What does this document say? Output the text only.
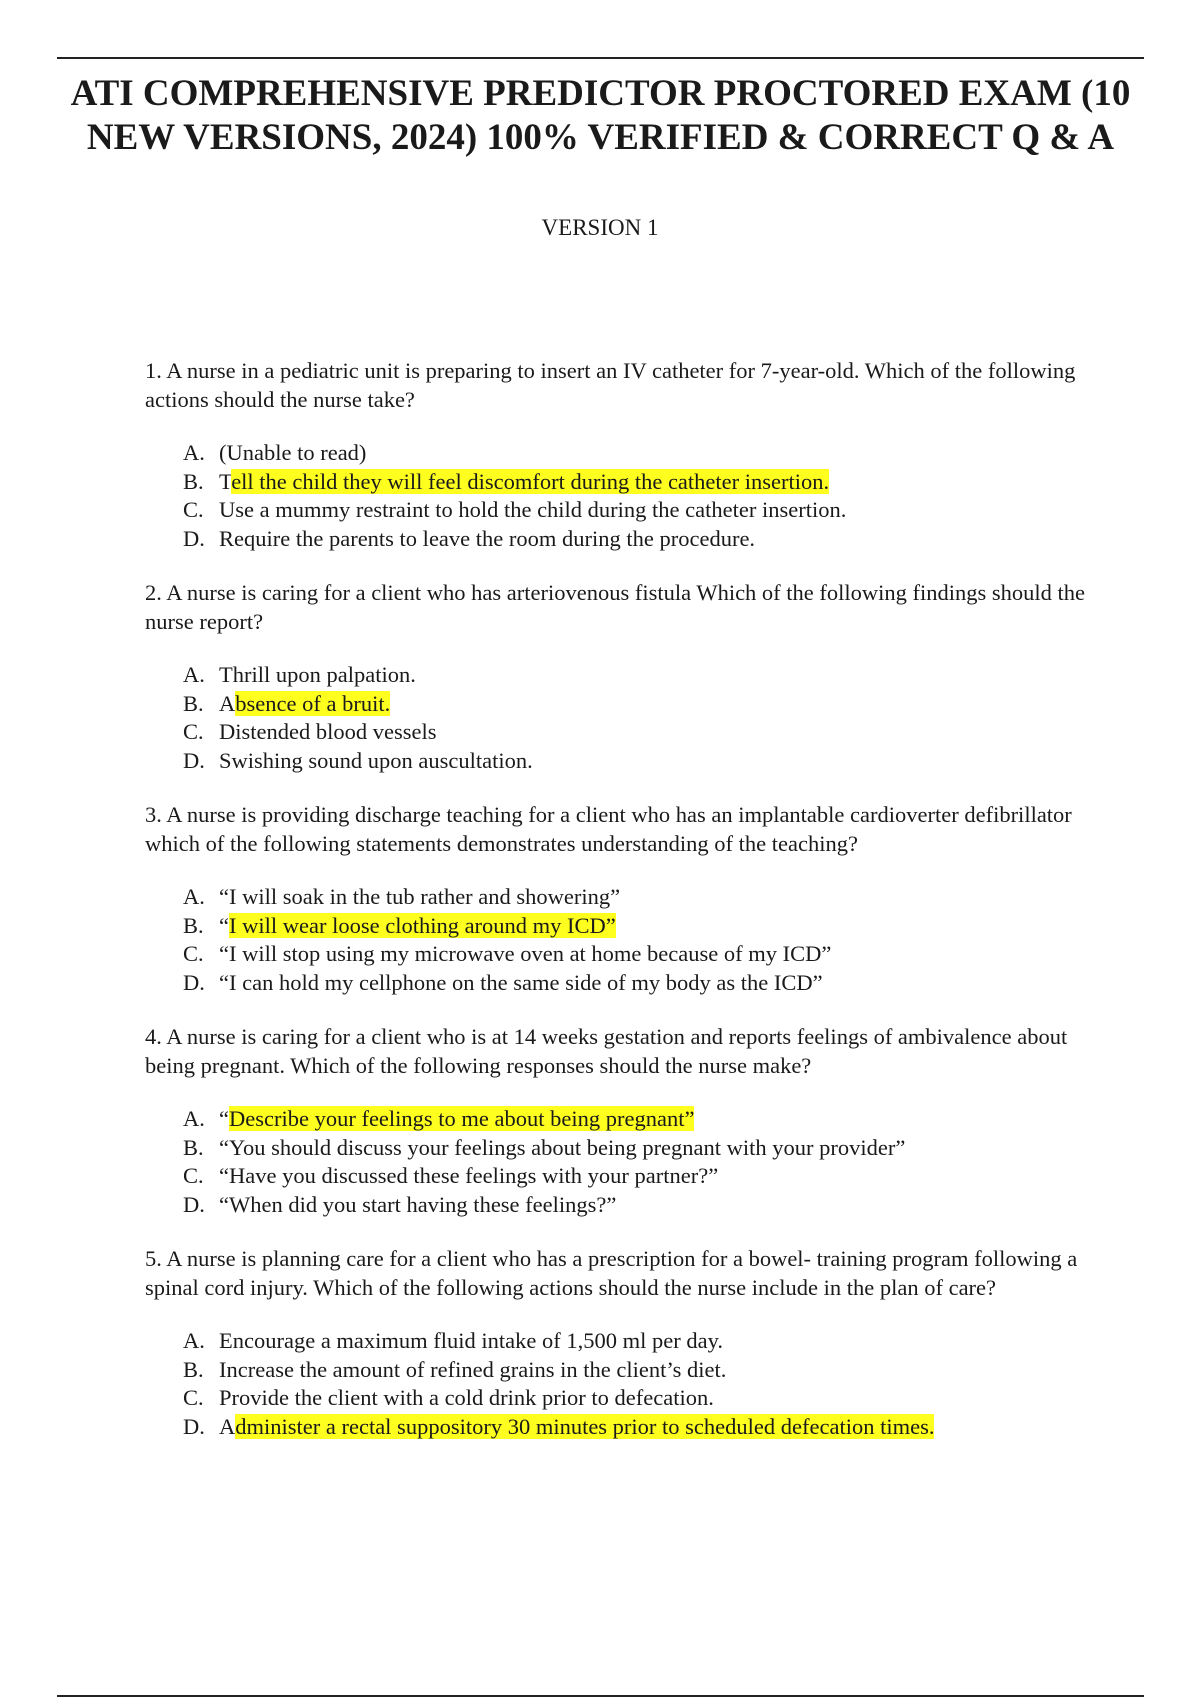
ATI COMPREHENSIVE PREDICTOR PROCTORED EXAM (10
NEW VERSIONS, 2024) 100% VERIFIED & CORRECT Q & A

VERSION 1

1. A nurse in a pediatric unit is preparing to insert an IV catheter for 7-year-old. Which of the following actions should the nurse take?

A. (Unable to read)
B. Tell the child they will feel discomfort during the catheter insertion.
C. Use a mummy restraint to hold the child during the catheter insertion.
D. Require the parents to leave the room during the procedure.

2. A nurse is caring for a client who has arteriovenous fistula Which of the following findings should the nurse report?

A. Thrill upon palpation.
B. Absence of a bruit.
C. Distended blood vessels
D. Swishing sound upon auscultation.

3. A nurse is providing discharge teaching for a client who has an implantable cardioverter defibrillator which of the following statements demonstrates understanding of the teaching?

A. “I will soak in the tub rather and showering”
B. “I will wear loose clothing around my ICD”
C. “I will stop using my microwave oven at home because of my ICD”
D. “I can hold my cellphone on the same side of my body as the ICD”

4. A nurse is caring for a client who is at 14 weeks gestation and reports feelings of ambivalence about being pregnant. Which of the following responses should the nurse make?

A. “Describe your feelings to me about being pregnant”
B. “You should discuss your feelings about being pregnant with your provider”
C. “Have you discussed these feelings with your partner?”
D. “When did you start having these feelings?”

5. A nurse is planning care for a client who has a prescription for a bowel- training program following a spinal cord injury. Which of the following actions should the nurse include in the plan of care?

A. Encourage a maximum fluid intake of 1,500 ml per day.
B. Increase the amount of refined grains in the client’s diet.
C. Provide the client with a cold drink prior to defecation.
D. Administer a rectal suppository 30 minutes prior to scheduled defecation times.
